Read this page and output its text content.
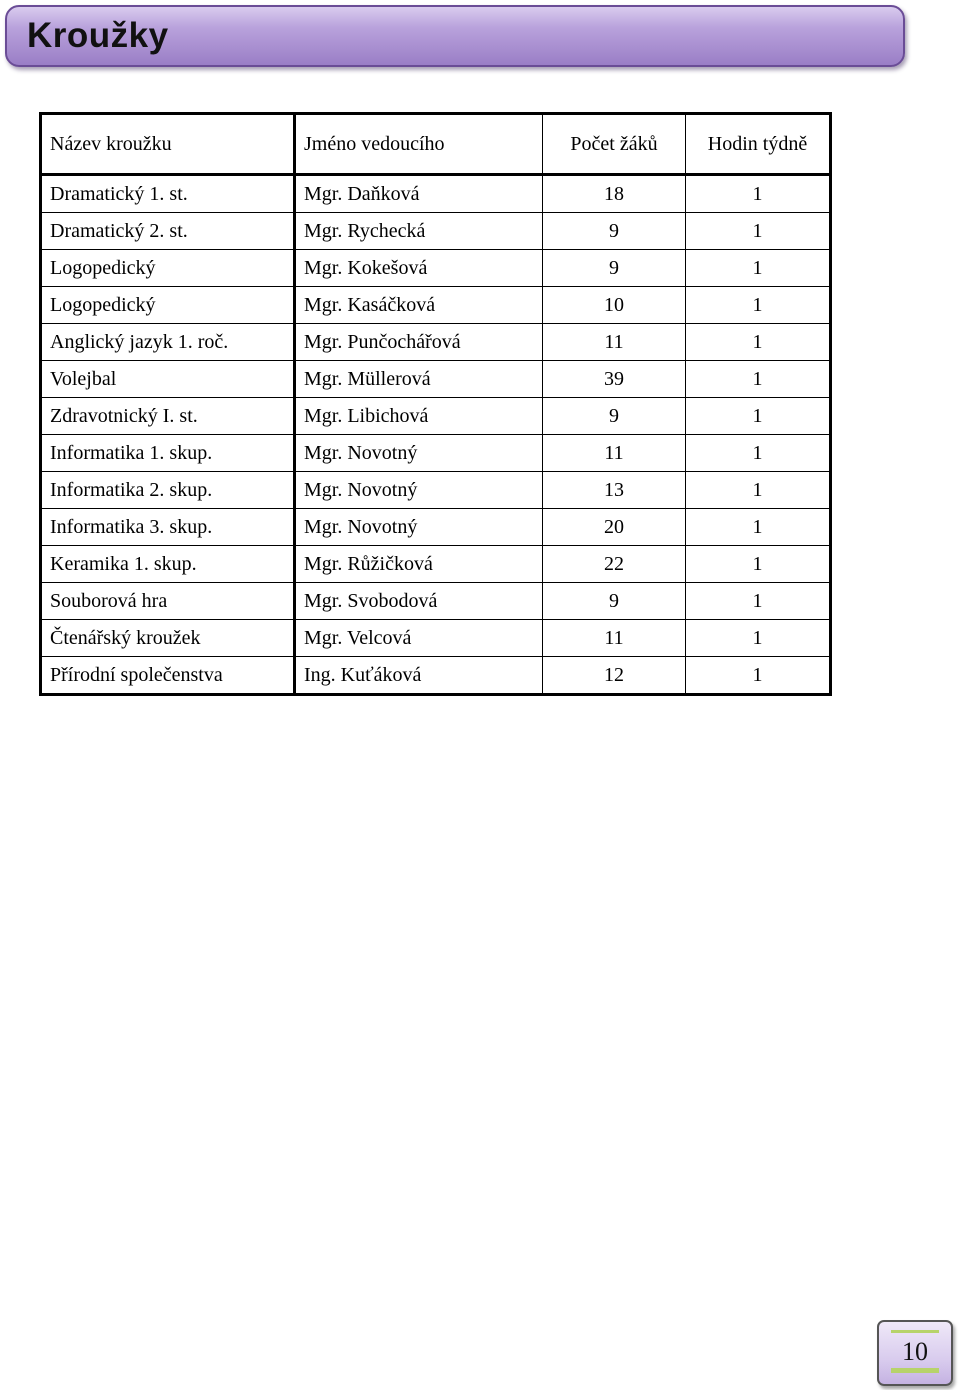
Kroužky
Název kroužku	Jméno vedoucího	Počet žáků	Hodin týdně
Dramatický 1. st.	Mgr. Daňková	18	1
Dramatický 2. st.	Mgr. Rychecká	9	1
Logopedický	Mgr. Kokešová	9	1
Logopedický	Mgr. Kasáčková	10	1
Anglický jazyk 1. roč.	Mgr. Punčochářová	11	1
Volejbal	Mgr. Müllerová	39	1
Zdravotnický I. st.	Mgr. Libichová	9	1
Informatika 1. skup.	Mgr. Novotný	11	1
Informatika 2. skup.	Mgr. Novotný	13	1
Informatika 3. skup.	Mgr. Novotný	20	1
Keramika 1. skup.	Mgr. Růžičková	22	1
Souborová hra	Mgr. Svobodová	9	1
Čtenářský kroužek	Mgr. Velcová	11	1
Přírodní společenstva	Ing. Kuťáková	12	1
10
